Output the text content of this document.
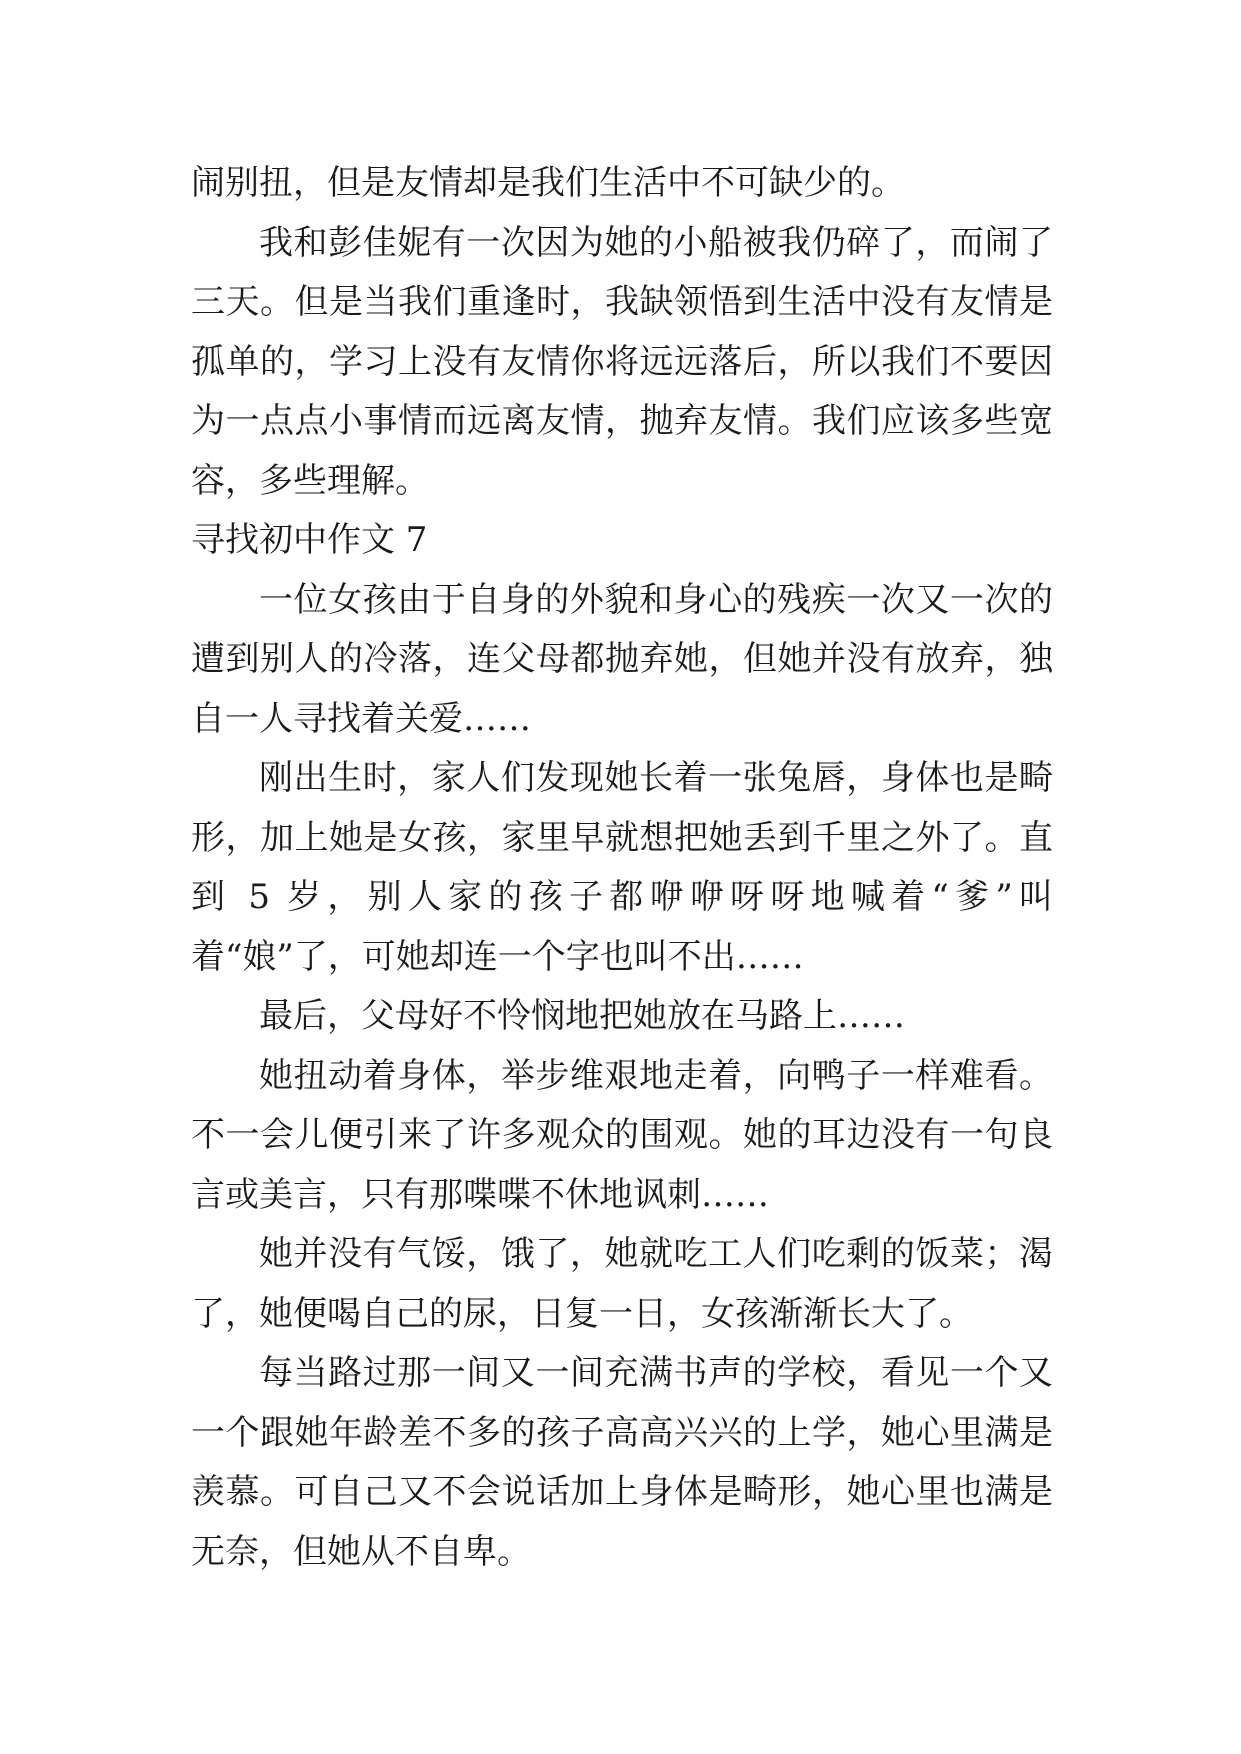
闹别扭，但是友情却是我们生活中不可缺少的。

我和彭佳妮有一次因为她的小船被我仍碎了，而闹了三天。但是当我们重逢时，我缺领悟到生活中没有友情是孤单的，学习上没有友情你将远远落后，所以我们不要因为一点点小事情而远离友情，抛弃友情。我们应该多些宽容，多些理解。

寻找初中作文 7

一位女孩由于自身的外貌和身心的残疾一次又一次的遭到别人的冷落，连父母都抛弃她，但她并没有放弃，独自一人寻找着关爱……

刚出生时，家人们发现她长着一张兔唇，身体也是畸形，加上她是女孩，家里早就想把她丢到千里之外了。直到 5 岁，别人家的孩子都咿咿呀呀地喊着“爹”叫着“娘”了，可她却连一个字也叫不出……

最后，父母好不怜悯地把她放在马路上……

她扭动着身体，举步维艰地走着，向鸭子一样难看。不一会儿便引来了许多观众的围观。她的耳边没有一句良言或美言，只有那喋喋不休地讽刺……

她并没有气馁，饿了，她就吃工人们吃剩的饭菜；渴了，她便喝自己的尿，日复一日，女孩渐渐长大了。

每当路过那一间又一间充满书声的学校，看见一个又一个跟她年龄差不多的孩子高高兴兴的上学，她心里满是羡慕。可自己又不会说话加上身体是畸形，她心里也满是无奈，但她从不自卑。
